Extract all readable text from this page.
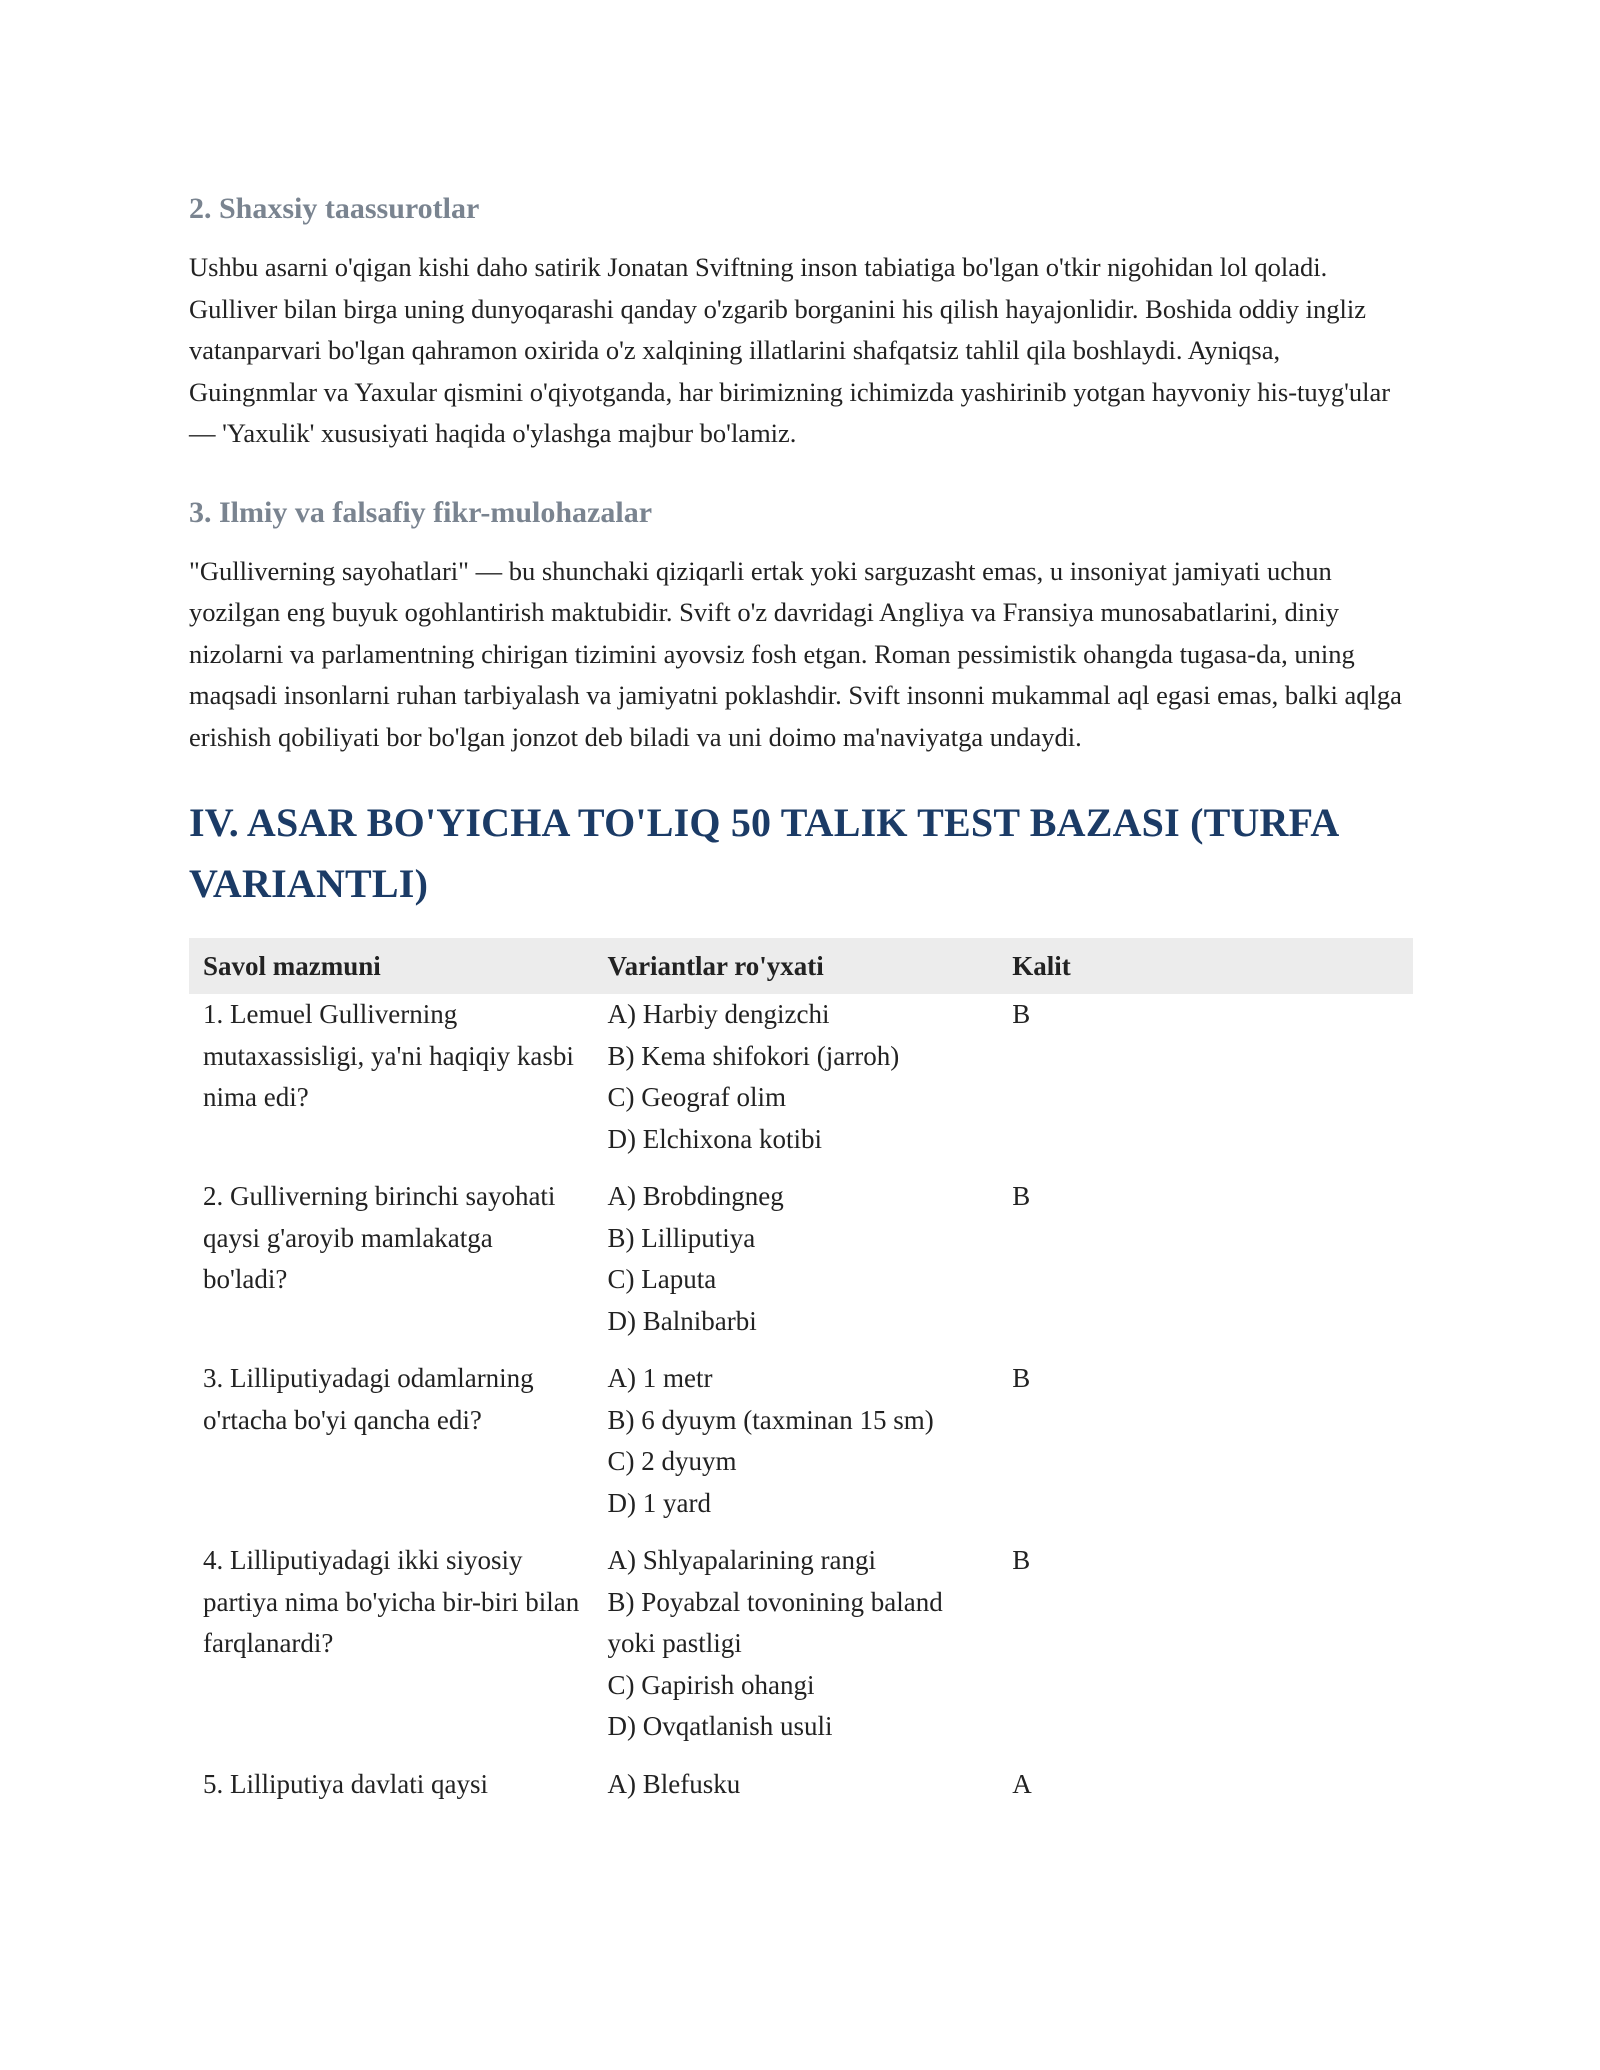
2. Shaxsiy taassurotlar

Ushbu asarni o'qigan kishi daho satirik Jonatan Sviftning inson tabiatiga bo'lgan o'tkir nigohidan lol qoladi. Gulliver bilan birga uning dunyoqarashi qanday o'zgarib borganini his qilish hayajonlidir. Boshida oddiy ingliz vatanparvari bo'lgan qahramon oxirida o'z xalqining illatlarini shafqatsiz tahlil qila boshlaydi. Ayniqsa, Guingnmlar va Yaxular qismini o'qiyotganda, har birimizning ichimizda yashirinib yotgan hayvoniy his-tuyg'ular — 'Yaxulik' xususiyati haqida o'ylashga majbur bo'lamiz.

3. Ilmiy va falsafiy fikr-mulohazalar

"Gulliverning sayohatlari" — bu shunchaki qiziqarli ertak yoki sarguzasht emas, u insoniyat jamiyati uchun yozilgan eng buyuk ogohlantirish maktubidir. Svift o'z davridagi Angliya va Fransiya munosabatlarini, diniy nizolarni va parlamentning chirigan tizimini ayovsiz fosh etgan. Roman pessimistik ohangda tugasa-da, uning maqsadi insonlarni ruhan tarbiyalash va jamiyatni poklashdir. Svift insonni mukammal aql egasi emas, balki aqlga erishish qobiliyati bor bo'lgan jonzot deb biladi va uni doimo ma'naviyatga undaydi.

IV. ASAR BO'YICHA TO'LIQ 50 TALIK TEST BAZASI (TURFA VARIANTLI)
Savol mazmuni	Variantlar ro'yxati	Kalit

1. Lemuel Gulliverning mutaxassisligi, ya'ni haqiqiy kasbi nima edi?	A) Harbiy dengizchi
B) Kema shifokori (jarroh)
C) Geograf olim
D) Elchixona kotibi	B

2. Gulliverning birinchi sayohati qaysi g'aroyib mamlakatga bo'ladi?	A) Brobdingneg
B) Lilliputiya
C) Laputa
D) Balnibarbi	B

3. Lilliputiyadagi odamlarning o'rtacha bo'yi qancha edi?	A) 1 metr
B) 6 dyuym (taxminan 15 sm)
C) 2 dyuym
D) 1 yard	B

4. Lilliputiyadagi ikki siyosiy partiya nima bo'yicha bir-biri bilan farqlanardi?	A) Shlyapalarining rangi
B) Poyabzal tovonining baland yoki pastligi
C) Gapirish ohangi
D) Ovqatlanish usuli	B

5. Lilliputiya davlati qaysi	A) Blefusku	A
